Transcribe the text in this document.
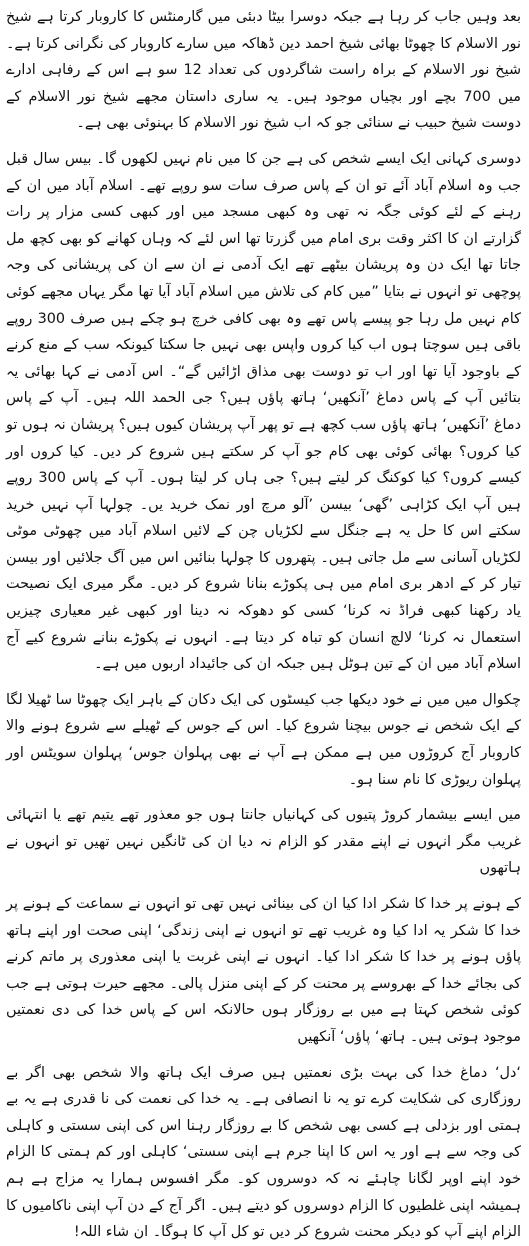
بعد وہیں جاب کر رہا ہے جبکہ دوسرا بیٹا دبئی میں گارمنٹس کا کاروبار کرتا ہے شیخ نور الاسلام کا چھوٹا بھائی شیخ احمد دین ڈھاکہ میں سارے کاروبار کی نگرانی کرتا ہے۔ شیخ نور الاسلام کے براہ راست شاگردوں کی تعداد 12 سو ہے اس کے رفاہی ادارے میں 700 بچے اور بچیاں موجود ہیں۔ یہ ساری داستان مجھے شیخ نور الاسلام کے دوست شیخ حبیب نے سنائی جو کہ اب شیخ نور الاسلام کا بہنوئی بھی ہے۔

دوسری کہانی ایک ایسے شخص کی ہے جن کا میں نام نہیں لکھوں گا۔ بیس سال قبل جب وہ اسلام آباد آئے تو ان کے پاس صرف سات سو روپے تھے۔ اسلام آباد میں ان کے رہنے کے لئے کوئی جگہ نہ تھی وہ کبھی مسجد میں اور کبھی کسی مزار پر رات گزارتے ان کا اکثر وقت بری امام میں گزرتا تھا اس لئے کہ وہاں کھانے کو بھی کچھ مل جاتا تھا ایک دن وہ پریشان بیٹھے تھے ایک آدمی نے ان سے ان کی پریشانی کی وجہ پوچھی تو انہوں نے بتایا ”میں کام کی تلاش میں اسلام آباد آیا تھا مگر یہاں مجھے کوئی کام نہیں مل رہا جو پیسے پاس تھے وہ بھی کافی خرچ ہو چکے ہیں صرف 300 روپے باقی ہیں سوچتا ہوں اب کیا کروں واپس بھی نہیں جا سکتا کیونکہ سب کے منع کرنے کے باوجود آیا تھا اور اب تو دوست بھی مذاق اڑائیں گے“۔ اس آدمی نے کہا بھائی یہ بتائیں آپ کے پاس دماغ ’آنکھیں‘ ہاتھ پاؤں ہیں؟ جی الحمد اللہ ہیں۔ آپ کے پاس دماغ ’آنکھیں‘ ہاتھ پاؤں سب کچھ ہے تو پھر آپ پریشان کیوں ہیں؟ پریشان نہ ہوں تو کیا کروں؟ بھائی کوئی بھی کام جو آپ کر سکتے ہیں شروع کر دیں۔ کیا کروں اور کیسے کروں؟ کیا کوکنگ کر لیتے ہیں؟ جی ہاں کر لیتا ہوں۔ آپ کے پاس 300 روپے ہیں آپ ایک کڑاہی ’گھی‘ بیسن ’آلو مرچ اور نمک خرید یں۔ چولہا آپ نہیں خرید سکتے اس کا حل یہ ہے جنگل سے لکڑیاں چن کے لائیں اسلام آباد میں چھوٹی موٹی لکڑیاں آسانی سے مل جاتی ہیں۔ پتھروں کا چولہا بنائیں اس میں آگ جلائیں اور بیسن تیار کر کے ادھر بری امام میں ہی پکوڑے بنانا شروع کر دیں۔ مگر میری ایک نصیحت یاد رکھنا کبھی فراڈ نہ کرنا‘ کسی کو دھوکہ نہ دینا اور کبھی غیر معیاری چیزیں استعمال نہ کرنا‘ لالچ انسان کو تباہ کر دیتا ہے۔ انہوں نے پکوڑے بنانے شروع کیے آج اسلام آباد میں ان کے تین ہوٹل ہیں جبکہ ان کی جائیداد اربوں میں ہے۔

چکوال میں میں نے خود دیکھا جب کیسٹوں کی ایک دکان کے باہر ایک چھوٹا سا ٹھیلا لگا کے ایک شخص نے جوس بیچنا شروع کیا۔ اس کے جوس کے ٹھیلے سے شروع ہونے والا کاروبار آج کروڑوں میں ہے ممکن ہے آپ نے بھی پہلوان جوس‘ پہلوان سویٹس اور پہلوان ریوڑی کا نام سنا ہو۔

میں ایسے بیشمار کروڑ پتیوں کی کہانیاں جانتا ہوں جو معذور تھے یتیم تھے یا انتہائی غریب مگر انہوں نے اپنے مقدر کو الزام نہ دیا ان کی ٹانگیں نہیں تھیں تو انہوں نے ہاتھوں

کے ہونے پر خدا کا شکر ادا کیا ان کی بینائی نہیں تھی تو انہوں نے سماعت کے ہونے پر خدا کا شکر یہ ادا کیا وہ غریب تھے تو انہوں نے اپنی زندگی‘ اپنی صحت اور اپنے ہاتھ پاؤں ہونے پر خدا کا شکر ادا کیا۔ انہوں نے اپنی غربت یا اپنی معذوری پر ماتم کرنے کی بجائے خدا کے بھروسے پر محنت کر کے اپنی منزل پالی۔ مجھے حیرت ہوتی ہے جب کوئی شخص کہتا ہے میں بے روزگار ہوں حالانکہ اس کے پاس خدا کی دی نعمتیں موجود ہوتی ہیں۔ ہاتھ‘ پاؤں‘ آنکھیں

‘دل‘ دماغ خدا کی بہت بڑی نعمتیں ہیں صرف ایک ہاتھ والا شخص بھی اگر بے روزگاری کی شکایت کرے تو یہ نا انصافی ہے۔ یہ خدا کی نعمت کی نا قدری ہے یہ بے ہمتی اور بزدلی ہے کسی بھی شخص کا بے روزگار رہنا اس کی اپنی سستی و کاہلی کی وجہ سے ہے اور یہ اس کا اپنا جرم ہے اپنی سستی‘ کاہلی اور کم ہمتی کا الزام خود اپنے اوپر لگانا چاہئے نہ کہ دوسروں کو۔ مگر افسوس ہمارا یہ مزاج ہے ہم ہمیشہ اپنی غلطیوں کا الزام دوسروں کو دیتے ہیں۔ اگر آج کے دن آپ اپنی ناکامیوں کا الزام اپنے آپ کو دیکر محنت شروع کر دیں تو کل آپ کا ہوگا۔ ان شاء اللہ!
